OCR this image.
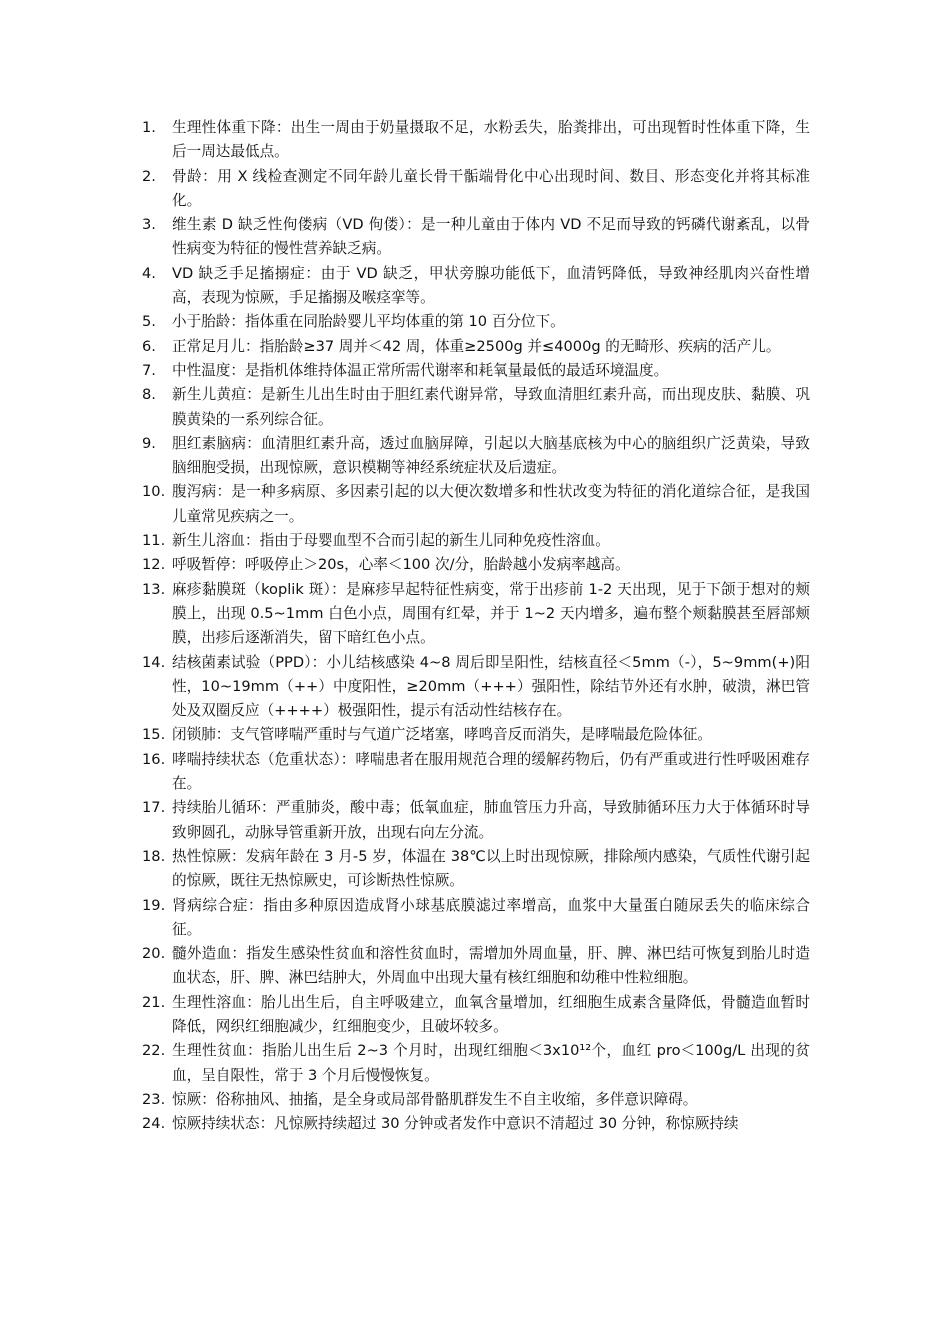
1.	生理性体重下降：出生一周由于奶量摄取不足，水粉丢失，胎粪排出，可出现暂时性体重下降，生后一周达最低点。
2.	骨龄：用 X 线检查测定不同年龄儿童长骨干骺端骨化中心出现时间、数目、形态变化并将其标准化。
3.	维生素 D 缺乏性佝偻病（VD 佝偻）：是一种儿童由于体内 VD 不足而导致的钙磷代谢紊乱，以骨性病变为特征的慢性营养缺乏病。
4.	VD 缺乏手足搐搦症：由于 VD 缺乏，甲状旁腺功能低下，血清钙降低，导致神经肌肉兴奋性增高，表现为惊厥，手足搐搦及喉痉挛等。
5.	小于胎龄：指体重在同胎龄婴儿平均体重的第 10 百分位下。
6.	正常足月儿：指胎龄≥37 周并＜42 周，体重≥2500g 并≤4000g 的无畸形、疾病的活产儿。
7.	中性温度：是指机体维持体温正常所需代谢率和耗氧量最低的最适环境温度。
8.	新生儿黄疸：是新生儿出生时由于胆红素代谢异常，导致血清胆红素升高，而出现皮肤、黏膜、巩膜黄染的一系列综合征。
9.	胆红素脑病：血清胆红素升高，透过血脑屏障，引起以大脑基底核为中心的脑组织广泛黄染，导致脑细胞受损，出现惊厥，意识模糊等神经系统症状及后遗症。
10. 腹泻病：是一种多病原、多因素引起的以大便次数增多和性状改变为特征的消化道综合征，是我国儿童常见疾病之一。
11. 新生儿溶血：指由于母婴血型不合而引起的新生儿同种免疫性溶血。
12. 呼吸暂停：呼吸停止＞20s，心率＜100 次/分，胎龄越小发病率越高。
13. 麻疹黏膜斑（koplik 斑）：是麻疹早起特征性病变，常于出疹前 1-2 天出现，见于下颌于想对的颊膜上，出现 0.5~1mm 白色小点，周围有红晕，并于 1~2 天内增多，遍布整个颊黏膜甚至唇部颊膜，出疹后逐渐消失，留下暗红色小点。
14. 结核菌素试验（PPD）：小儿结核感染 4~8 周后即呈阳性，结核直径＜5mm（-），5~9mm(+)阳性，10~19mm（++）中度阳性，≥20mm（+++）强阳性，除结节外还有水肿，破溃，淋巴管处及双圈反应（++++）极强阳性，提示有活动性结核存在。
15. 闭锁肺：支气管哮喘严重时与气道广泛堵塞，哮鸣音反而消失，是哮喘最危险体征。
16. 哮喘持续状态（危重状态）：哮喘患者在服用规范合理的缓解药物后，仍有严重或进行性呼吸困难存在。
17. 持续胎儿循环：严重肺炎，酸中毒；低氧血症，肺血管压力升高，导致肺循环压力大于体循环时导致卵圆孔，动脉导管重新开放，出现右向左分流。
18. 热性惊厥：发病年龄在 3 月-5 岁，体温在 38℃以上时出现惊厥，排除颅内感染，气质性代谢引起的惊厥，既往无热惊厥史，可诊断热性惊厥。
19. 肾病综合症：指由多种原因造成肾小球基底膜滤过率增高，血浆中大量蛋白随尿丢失的临床综合征。
20. 髓外造血：指发生感染性贫血和溶性贫血时，需增加外周血量，肝、脾、淋巴结可恢复到胎儿时造血状态，肝、脾、淋巴结肿大，外周血中出现大量有核红细胞和幼稚中性粒细胞。
21. 生理性溶血：胎儿出生后，自主呼吸建立，血氧含量增加，红细胞生成素含量降低，骨髓造血暂时降低，网织红细胞减少，红细胞变少，且破坏较多。
22. 生理性贫血：指胎儿出生后 2~3 个月时，出现红细胞＜3x10¹²个，血红 pro＜100g/L 出现的贫血，呈自限性，常于 3 个月后慢慢恢复。
23. 惊厥：俗称抽风、抽搐，是全身或局部骨骼肌群发生不自主收缩，多伴意识障碍。
24. 惊厥持续状态：凡惊厥持续超过 30 分钟或者发作中意识不清超过 30 分钟，称惊厥持续
